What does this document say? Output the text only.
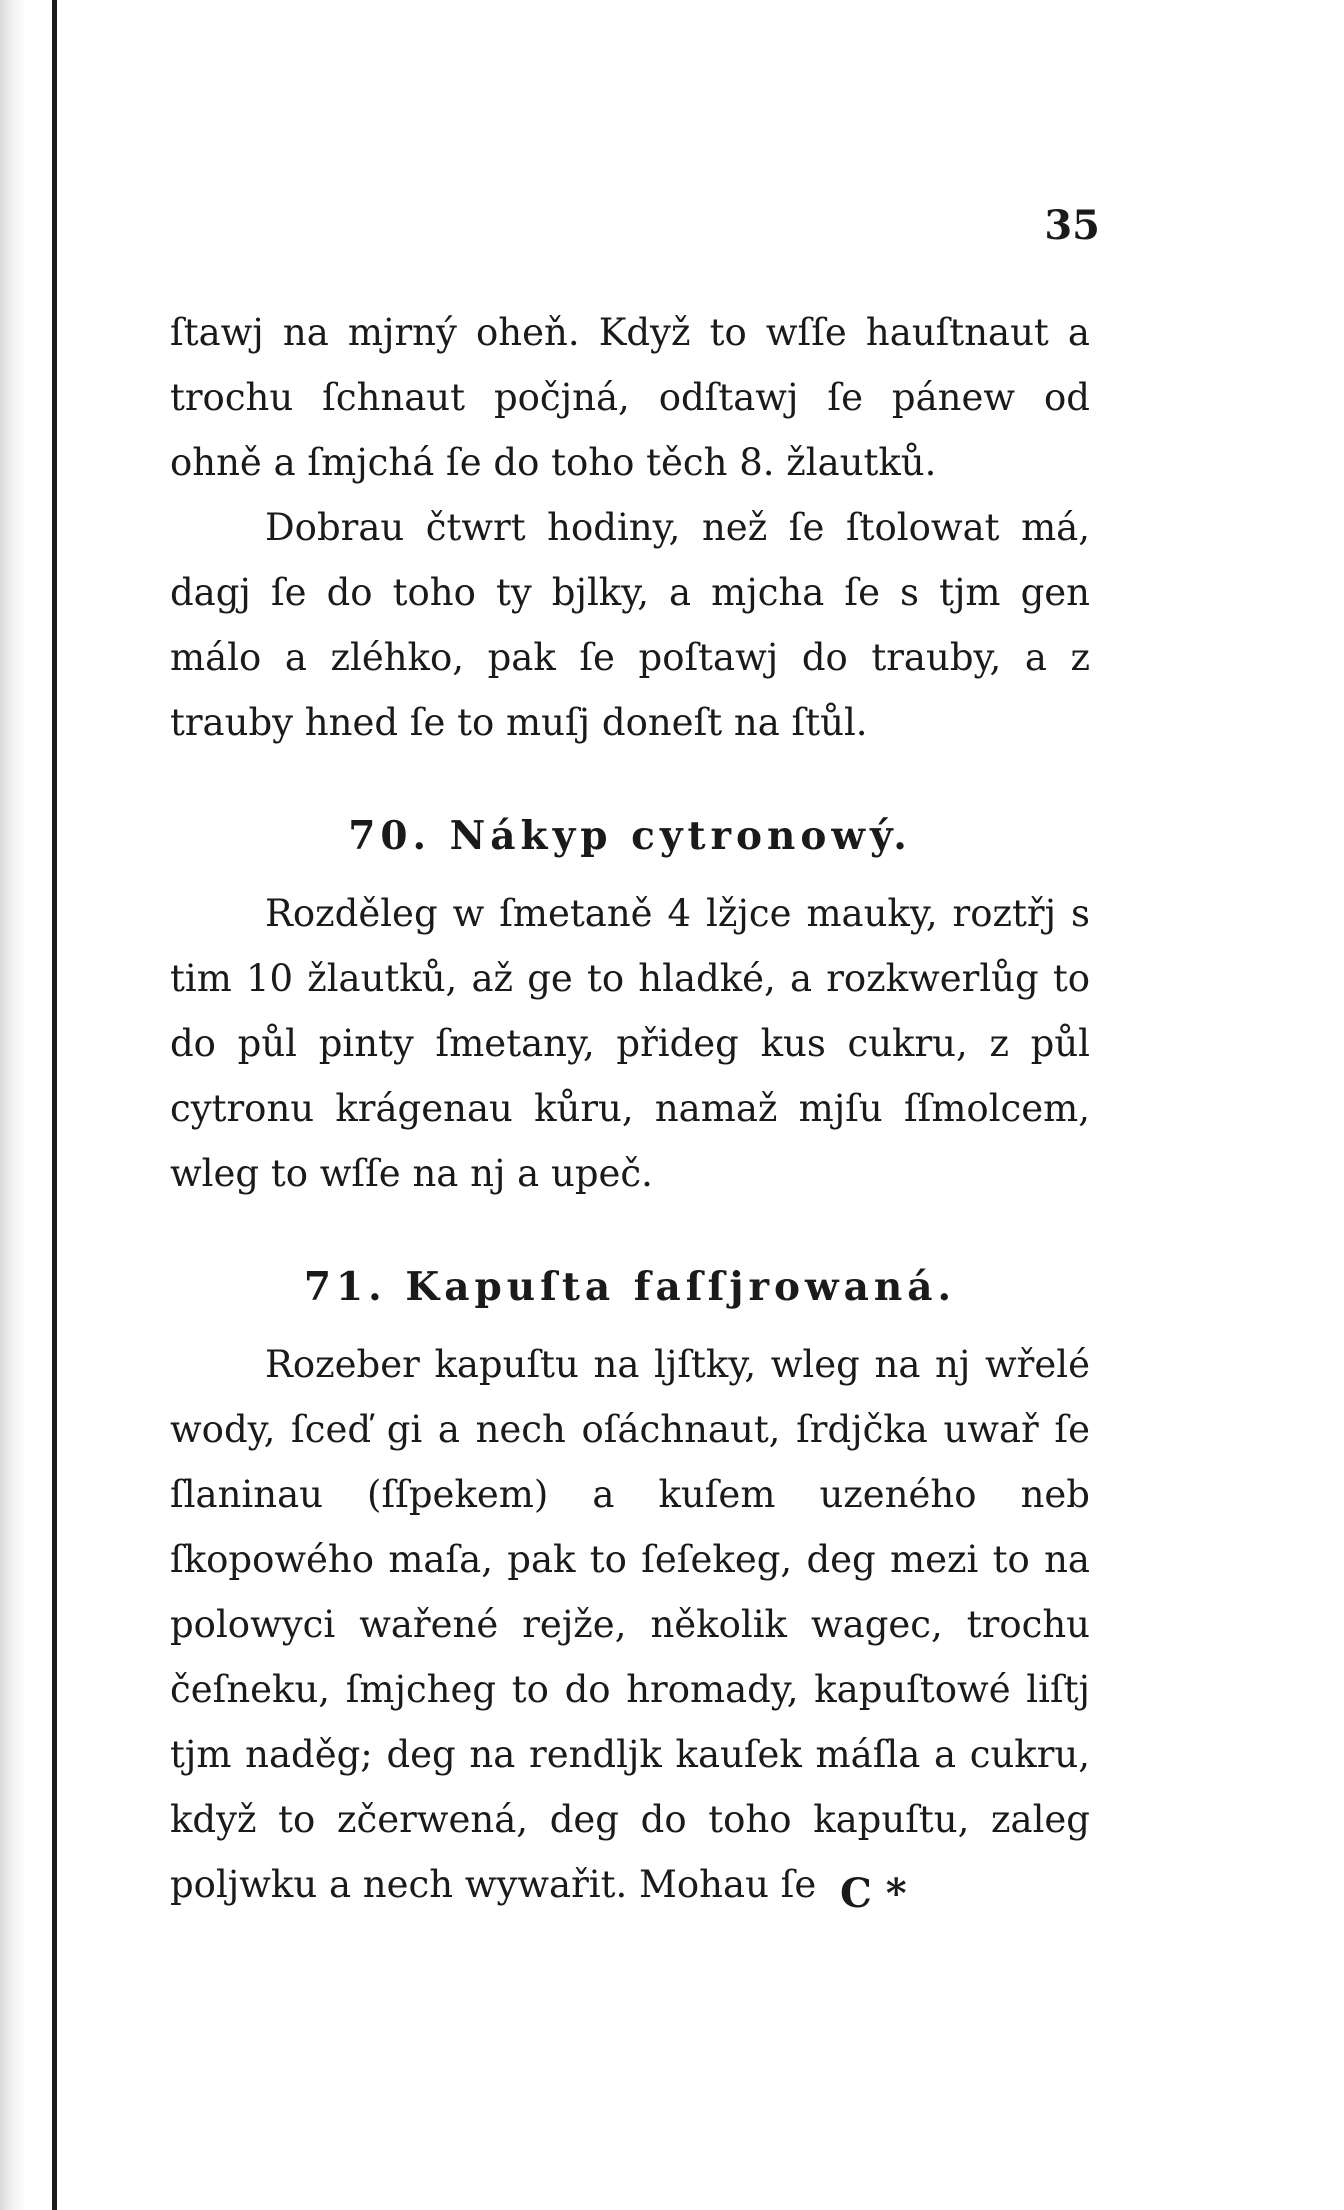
35

ſtawj na mjrný oheň. Když to wſſe hauſtnaut a trochu ſchnaut počjná, odſtawj ſe pánew od ohně a ſmjchá ſe do toho těch 8. žlautků.

Dobrau čtwrt hodiny, než ſe ſtolowat má, dagj ſe do toho ty bjlky, a mjcha ſe s tjm gen málo a zléhko, pak ſe poſtawj do trauby, a z trauby hned ſe to muſj doneſt na ſtůl.

70. Nákyp cytronowý.

Rozděleg w ſmetaně 4 lžjce mauky, roztřj s tim 10 žlautků, až ge to hladké, a rozkwerlůg to do půl pinty ſmetany, přideg kus cukru, z půl cytronu krágenau kůru, namaž mjſu ſſmolcem, wleg to wſſe na nj a upeč.

71. Kapuſta faſſjrowaná.

Rozeber kapuſtu na ljſtky, wleg na nj wřelé wody, ſceď gi a nech oſáchnaut, ſrdjčka uwař ſe ſlaninau (ſſpekem) a kuſem uzeného neb ſkopowého maſa, pak to ſeſekeg, deg mezi to na polowyci wařené rejže, několik wagec, trochu čeſneku, ſmjcheg to do hromady, kapuſtowé liſtj tjm naděg; deg na rendljk kauſek máſla a cukru, když to zčerwená, deg do toho kapuſtu, zaleg poljwku a nech wywařit. Mohau ſe C *
